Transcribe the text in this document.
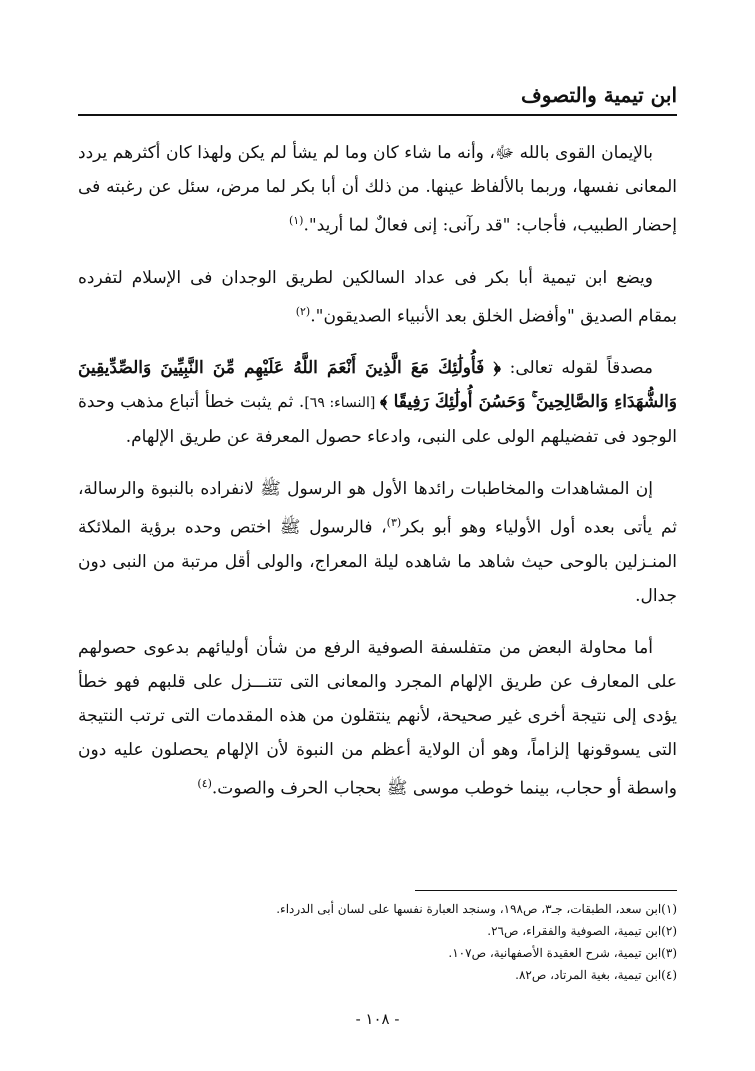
ابن تيمية والتصوف

بالإيمان القوى بالله ﷻ، وأنه ما شاء كان وما لم يشأ لم يكن ولهذا كان أكثرهم يردد المعانى نفسها، وربما بالألفاظ عينها. من ذلك أن أبا بكر لما مرض، سئل عن رغبته فى إحضار الطبيب، فأجاب: "قد رآنى: إنى فعالٌ لما أريد".$^{(١)}$

ويضع ابن تيمية أبا بكر فى عداد السالكين لطريق الوجدان فى الإسلام لتفرده بمقام الصديق "وأفضل الخلق بعد الأنبياء الصديقون".$^{(٢)}$

مصدقاً لقوله تعالى: ﴿ فَأُولَٰئِكَ مَعَ الَّذِينَ أَنْعَمَ اللَّهُ عَلَيْهِم مِّنَ النَّبِيِّينَ وَالصِّدِّيقِينَ وَالشُّهَدَاءِ وَالصَّالِحِينَ ۚ وَحَسُنَ أُولَٰئِكَ رَفِيقًا ﴾ [النساء: ٦٩]. ثم يثبت خطأ أتباع مذهب وحدة الوجود فى تفضيلهم الولى على النبى، وادعاء حصول المعرفة عن طريق الإلهام.

إن المشاهدات والمخاطبات رائدها الأول هو الرسول ﷺ لانفراده بالنبوة والرسالة، ثم يأتى بعده أول الأولياء وهو أبو بكر$^{(٣)}$، فالرسول ﷺ اختص وحده برؤية الملائكة المنـزلين بالوحى حيث شاهد ما شاهده ليلة المعراج، والولى أقل مرتبة من النبى دون جدال.

أما محاولة البعض من متفلسفة الصوفية الرفع من شأن أوليائهم بدعوى حصولهم على المعارف عن طريق الإلهام المجرد والمعانى التى تتنـــزل على قلبهم فهو خطأ يؤدى إلى نتيجة أخرى غير صحيحة، لأنهم ينتقلون من هذه المقدمات التى ترتب النتيجة التى يسوقونها إلزاماً، وهو أن الولاية أعظم من النبوة لأن الإلهام يحصلون عليه دون واسطة أو حجاب، بينما خوطب موسى ﷺ بحجاب الحرف والصوت.$^{(٤)}$

(١)ابن سعد، الطبقات، جـ٣، ص١٩٨، وسنجد العبارة نفسها على لسان أبى الدرداء.
(٢)ابن تيمية، الصوفية والفقراء، ص٢٦.
(٣)ابن تيمية، شرح العقيدة الأصفهانية، ص١٠٧.
(٤)ابن تيمية، بغية المرتاد، ص٨٢.
- ١٠٨ -
